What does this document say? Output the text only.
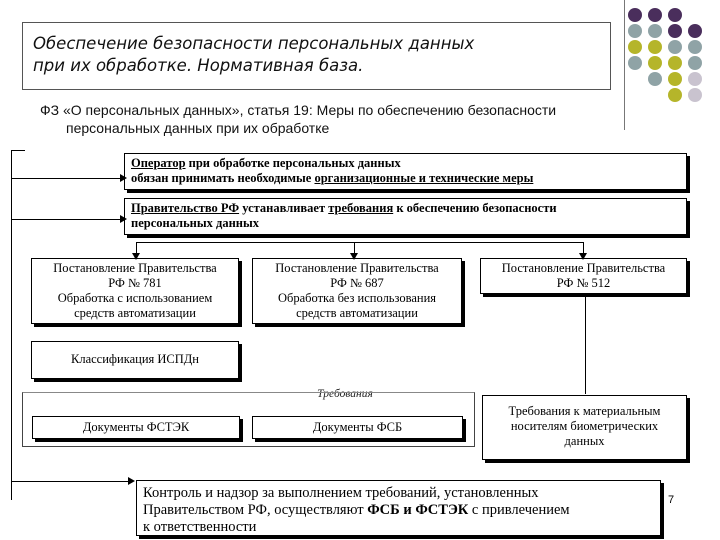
Обеспечение безопасности персональных данных
при их обработке. Нормативная база.
ФЗ «О персональных данных», статья 19: Меры по обеспечению безопасности
персональных данных при их обработке
Оператор при обработке персональных данных
обязан принимать необходимые организационные и технические меры
Правительство РФ устанавливает требования к обеспечению безопасности
персональных данных
Постановление Правительства
РФ № 781
Обработка с использованием
средств автоматизации
Постановление Правительства
РФ № 687
Обработка без использования
средств автоматизации
Постановление Правительства
РФ № 512
Классификация ИСПДн
Требования
Документы ФСТЭК	Документы ФСБ
Требования к материальным
носителям биометрических
данных
Контроль и надзор за выполнением требований, установленных
Правительством РФ, осуществляют ФСБ и ФСТЭК с привлечением
к ответственности
7
